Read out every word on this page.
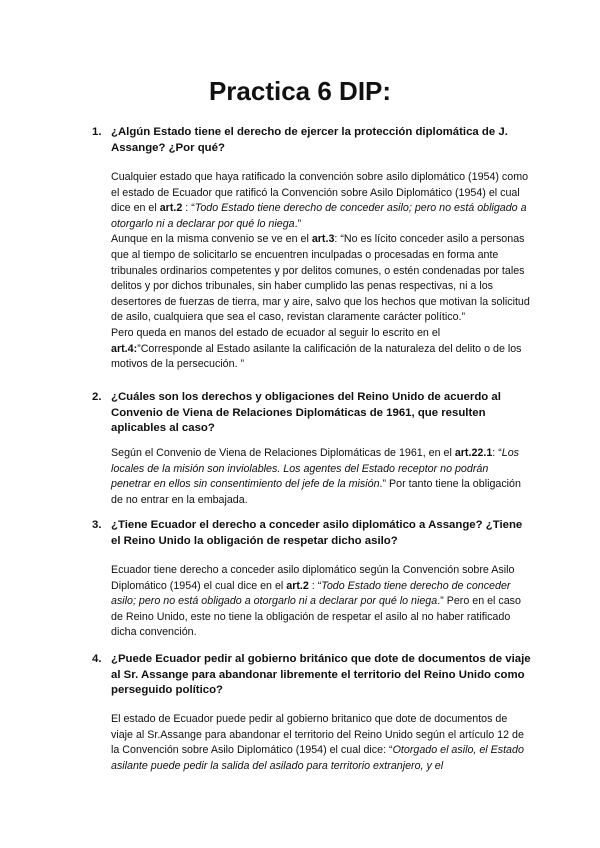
Practica 6 DIP:
1. ¿Algún Estado tiene el derecho de ejercer la protección diplomática de J. Assange? ¿Por qué?

Cualquier estado que haya ratificado la convención sobre asilo diplomático (1954) como el estado de Ecuador que ratificó la Convención sobre Asilo Diplomático (1954) el cual dice en el art.2 : “Todo Estado tiene derecho de conceder asilo; pero no está obligado a otorgarlo ni a declarar por qué lo niega.”

Aunque en la misma convenio se ve en el art.3: “No es lícito conceder asilo a personas que al tiempo de solicitarlo se encuentren inculpadas o procesadas en forma ante tribunales ordinarios competentes y por delitos comunes, o estén condenadas por tales delitos y por dichos tribunales, sin haber cumplido las penas respectivas, ni a los desertores de fuerzas de tierra, mar y aire, salvo que los hechos que motivan la solicitud de asilo, cualquiera que sea el caso, revistan claramente carácter político.”

Pero queda en manos del estado de ecuador al seguir lo escrito en el art.4:”Corresponde al Estado asilante la calificación de la naturaleza del delito o de los motivos de la persecución. ”

2. ¿Cuáles son los derechos y obligaciones del Reino Unido de acuerdo al Convenio de Viena de Relaciones Diplomáticas de 1961, que resulten aplicables al caso?

Según el Convenio de Viena de Relaciones Diplomáticas de 1961, en el art.22.1: “Los locales de la misión son inviolables. Los agentes del Estado receptor no podrán penetrar en ellos sin consentimiento del jefe de la misión.” Por tanto tiene la obligación de no entrar en la embajada.

3. ¿Tiene Ecuador el derecho a conceder asilo diplomático a Assange? ¿Tiene el Reino Unido la obligación de respetar dicho asilo?

Ecuador tiene derecho a conceder asilo diplomático según la Convención sobre Asilo Diplomático (1954) el cual dice en el art.2 : “Todo Estado tiene derecho de conceder asilo; pero no está obligado a otorgarlo ni a declarar por qué lo niega.” Pero en el caso de Reino Unido, este no tiene la obligación de respetar el asilo al no haber ratificado dicha convención.

4. ¿Puede Ecuador pedir al gobierno británico que dote de documentos de viaje al Sr. Assange para abandonar libremente el territorio del Reino Unido como perseguido político?

El estado de Ecuador puede pedir al gobierno britanico que dote de documentos de viaje al Sr.Assange para abandonar el territorio del Reino Unido según el artículo 12 de la Convención sobre Asilo Diplomático (1954) el cual dice: “Otorgado el asilo, el Estado asilante puede pedir la salida del asilado para territorio extranjero, y el
